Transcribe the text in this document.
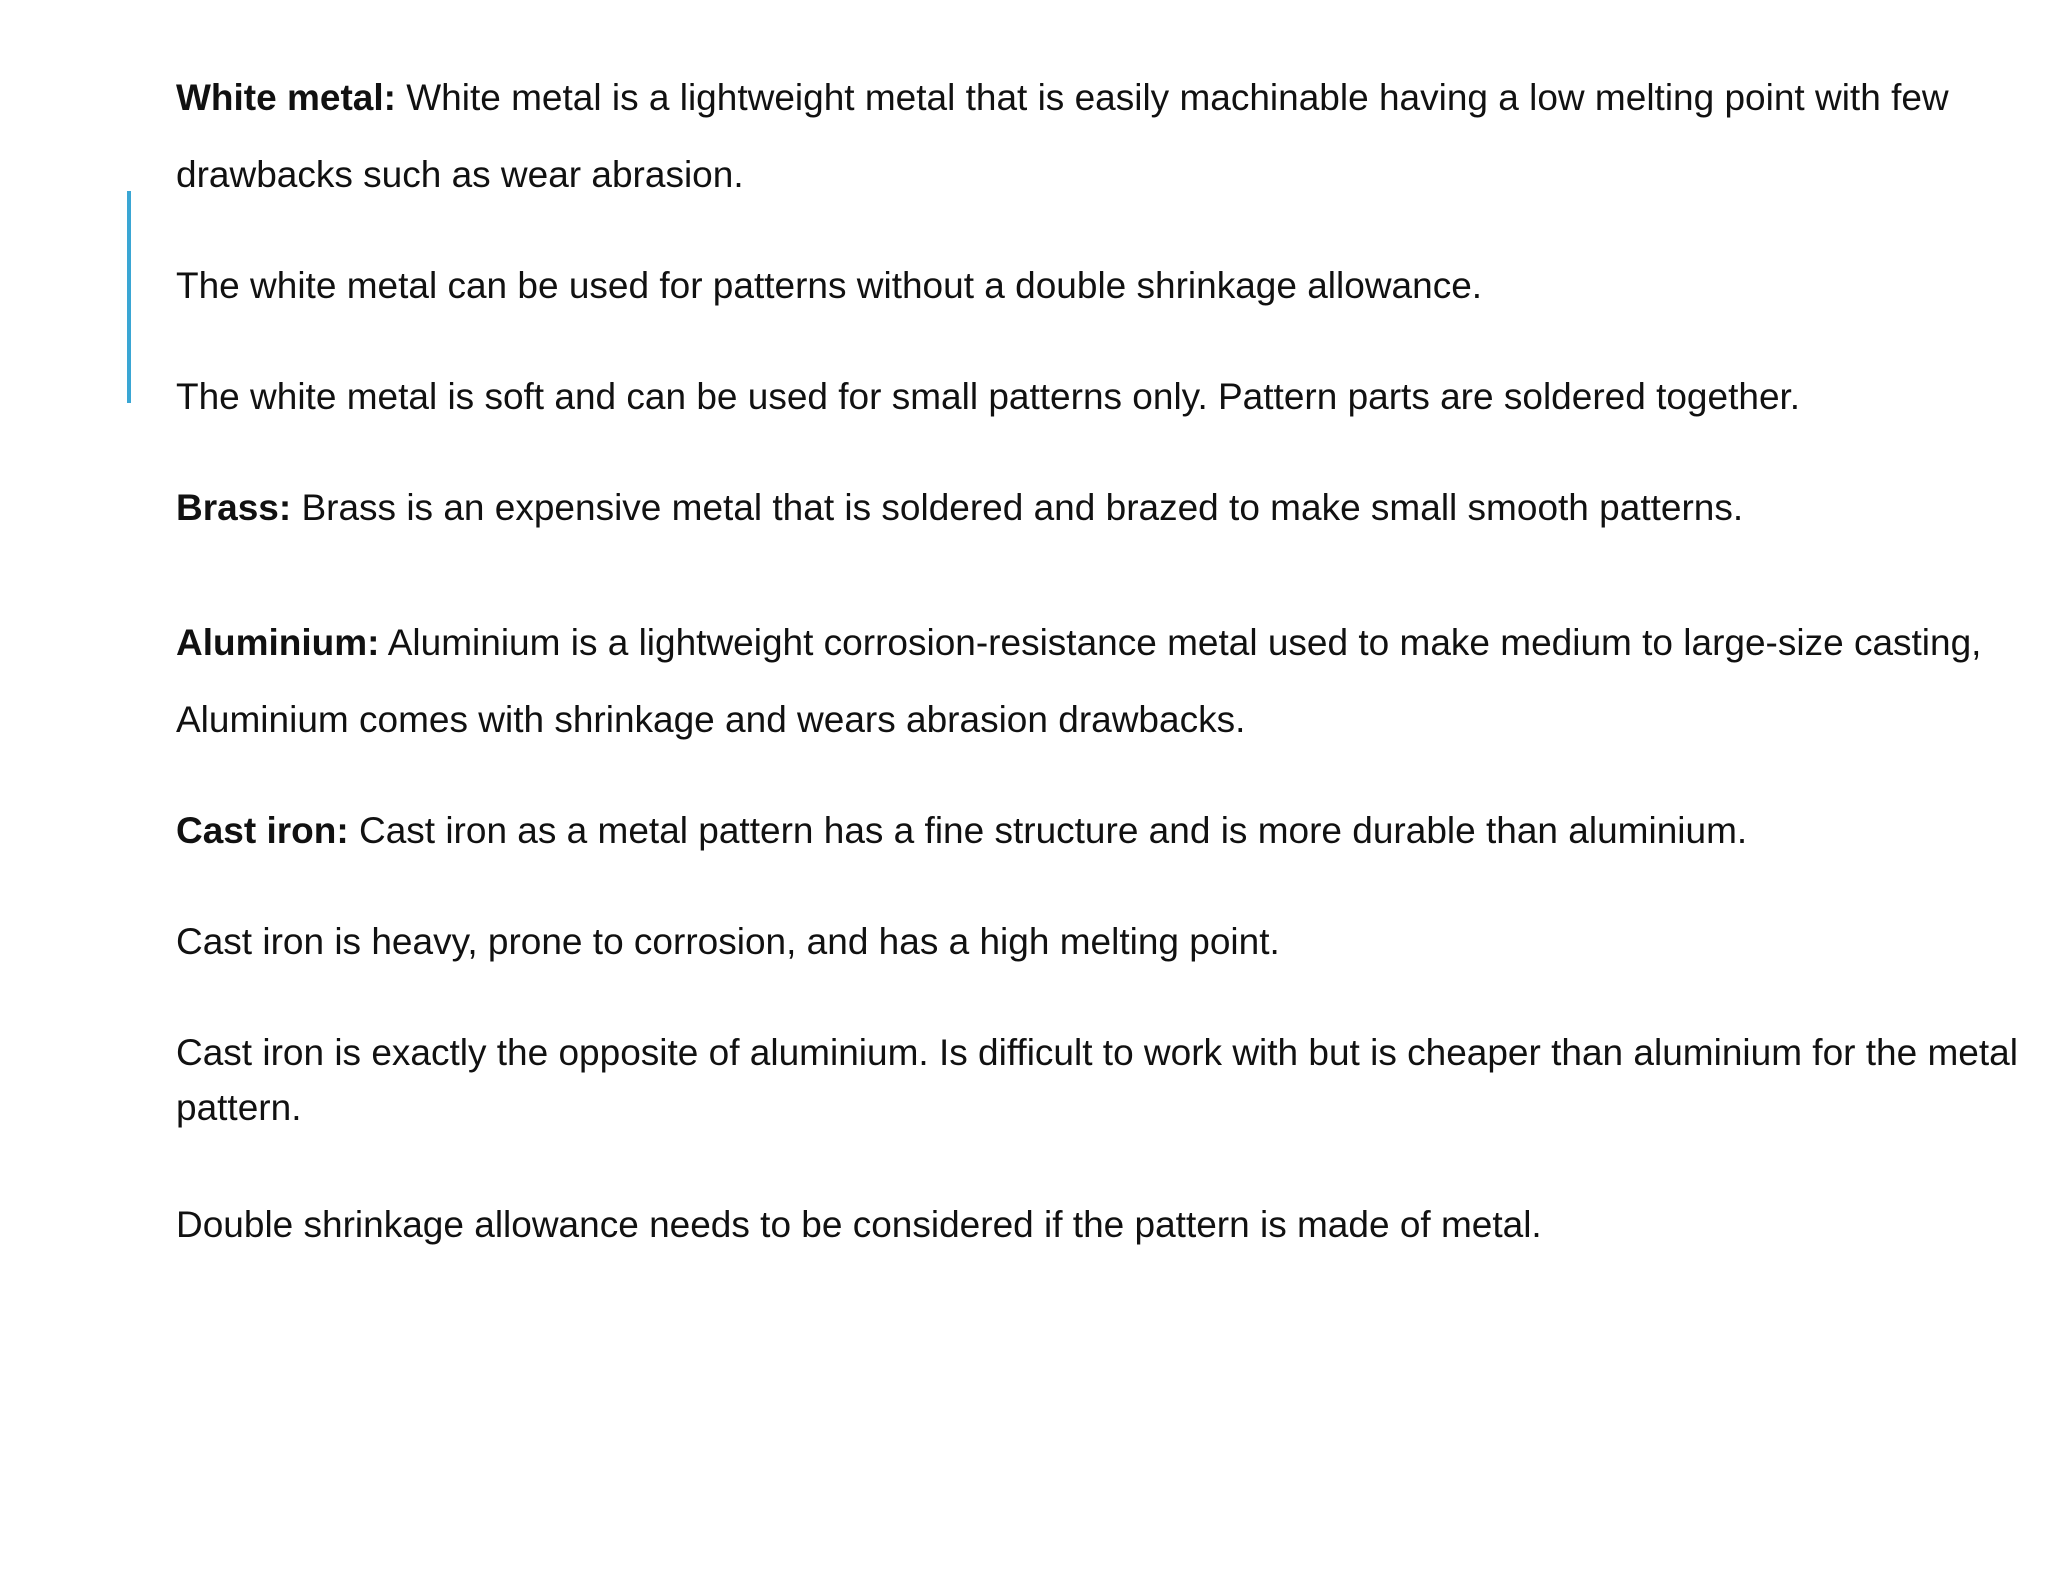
White metal: White metal is a lightweight metal that is easily machinable having a low melting point with few drawbacks such as wear abrasion.

The white metal can be used for patterns without a double shrinkage allowance.

The white metal is soft and can be used for small patterns only. Pattern parts are soldered together.

Brass: Brass is an expensive metal that is soldered and brazed to make small smooth patterns.

Aluminium: Aluminium is a lightweight corrosion-resistance metal used to make medium to large-size casting, Aluminium comes with shrinkage and wears abrasion drawbacks.

Cast iron: Cast iron as a metal pattern has a fine structure and is more durable than aluminium.

Cast iron is heavy, prone to corrosion, and has a high melting point.

Cast iron is exactly the opposite of aluminium. Is difficult to work with but is cheaper than aluminium for the metal pattern.

Double shrinkage allowance needs to be considered if the pattern is made of metal.
